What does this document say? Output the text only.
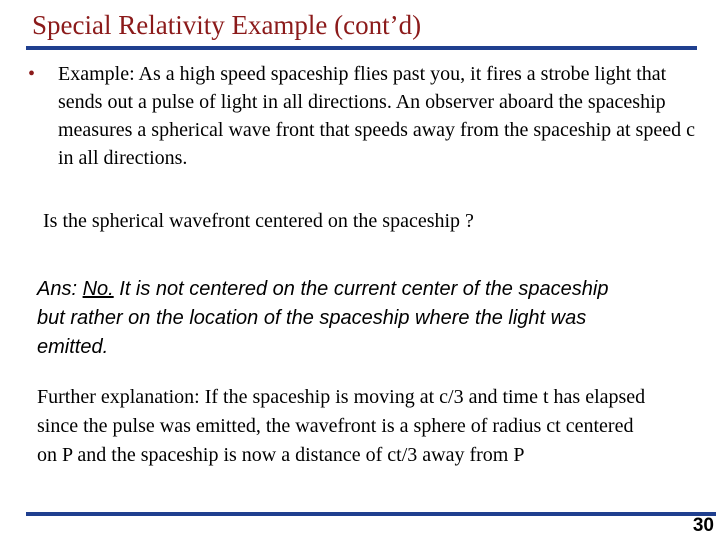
Special Relativity Example (cont’d)
• Example: As a high speed spaceship flies past you, it fires a strobe light that sends out a pulse of light in all directions. An observer aboard the spaceship measures a spherical wave front that speeds away from the spaceship at speed c in all directions.
Is the spherical wavefront centered on the spaceship ?
Ans: No. It is not centered on the current center of the spaceship but rather on the location of the spaceship where the light was emitted.
Further explanation: If the spaceship is moving at c/3 and time t has elapsed since the pulse was emitted, the wavefront is a sphere of radius ct centered on P and the spaceship is now a distance of ct/3 away from P
30
